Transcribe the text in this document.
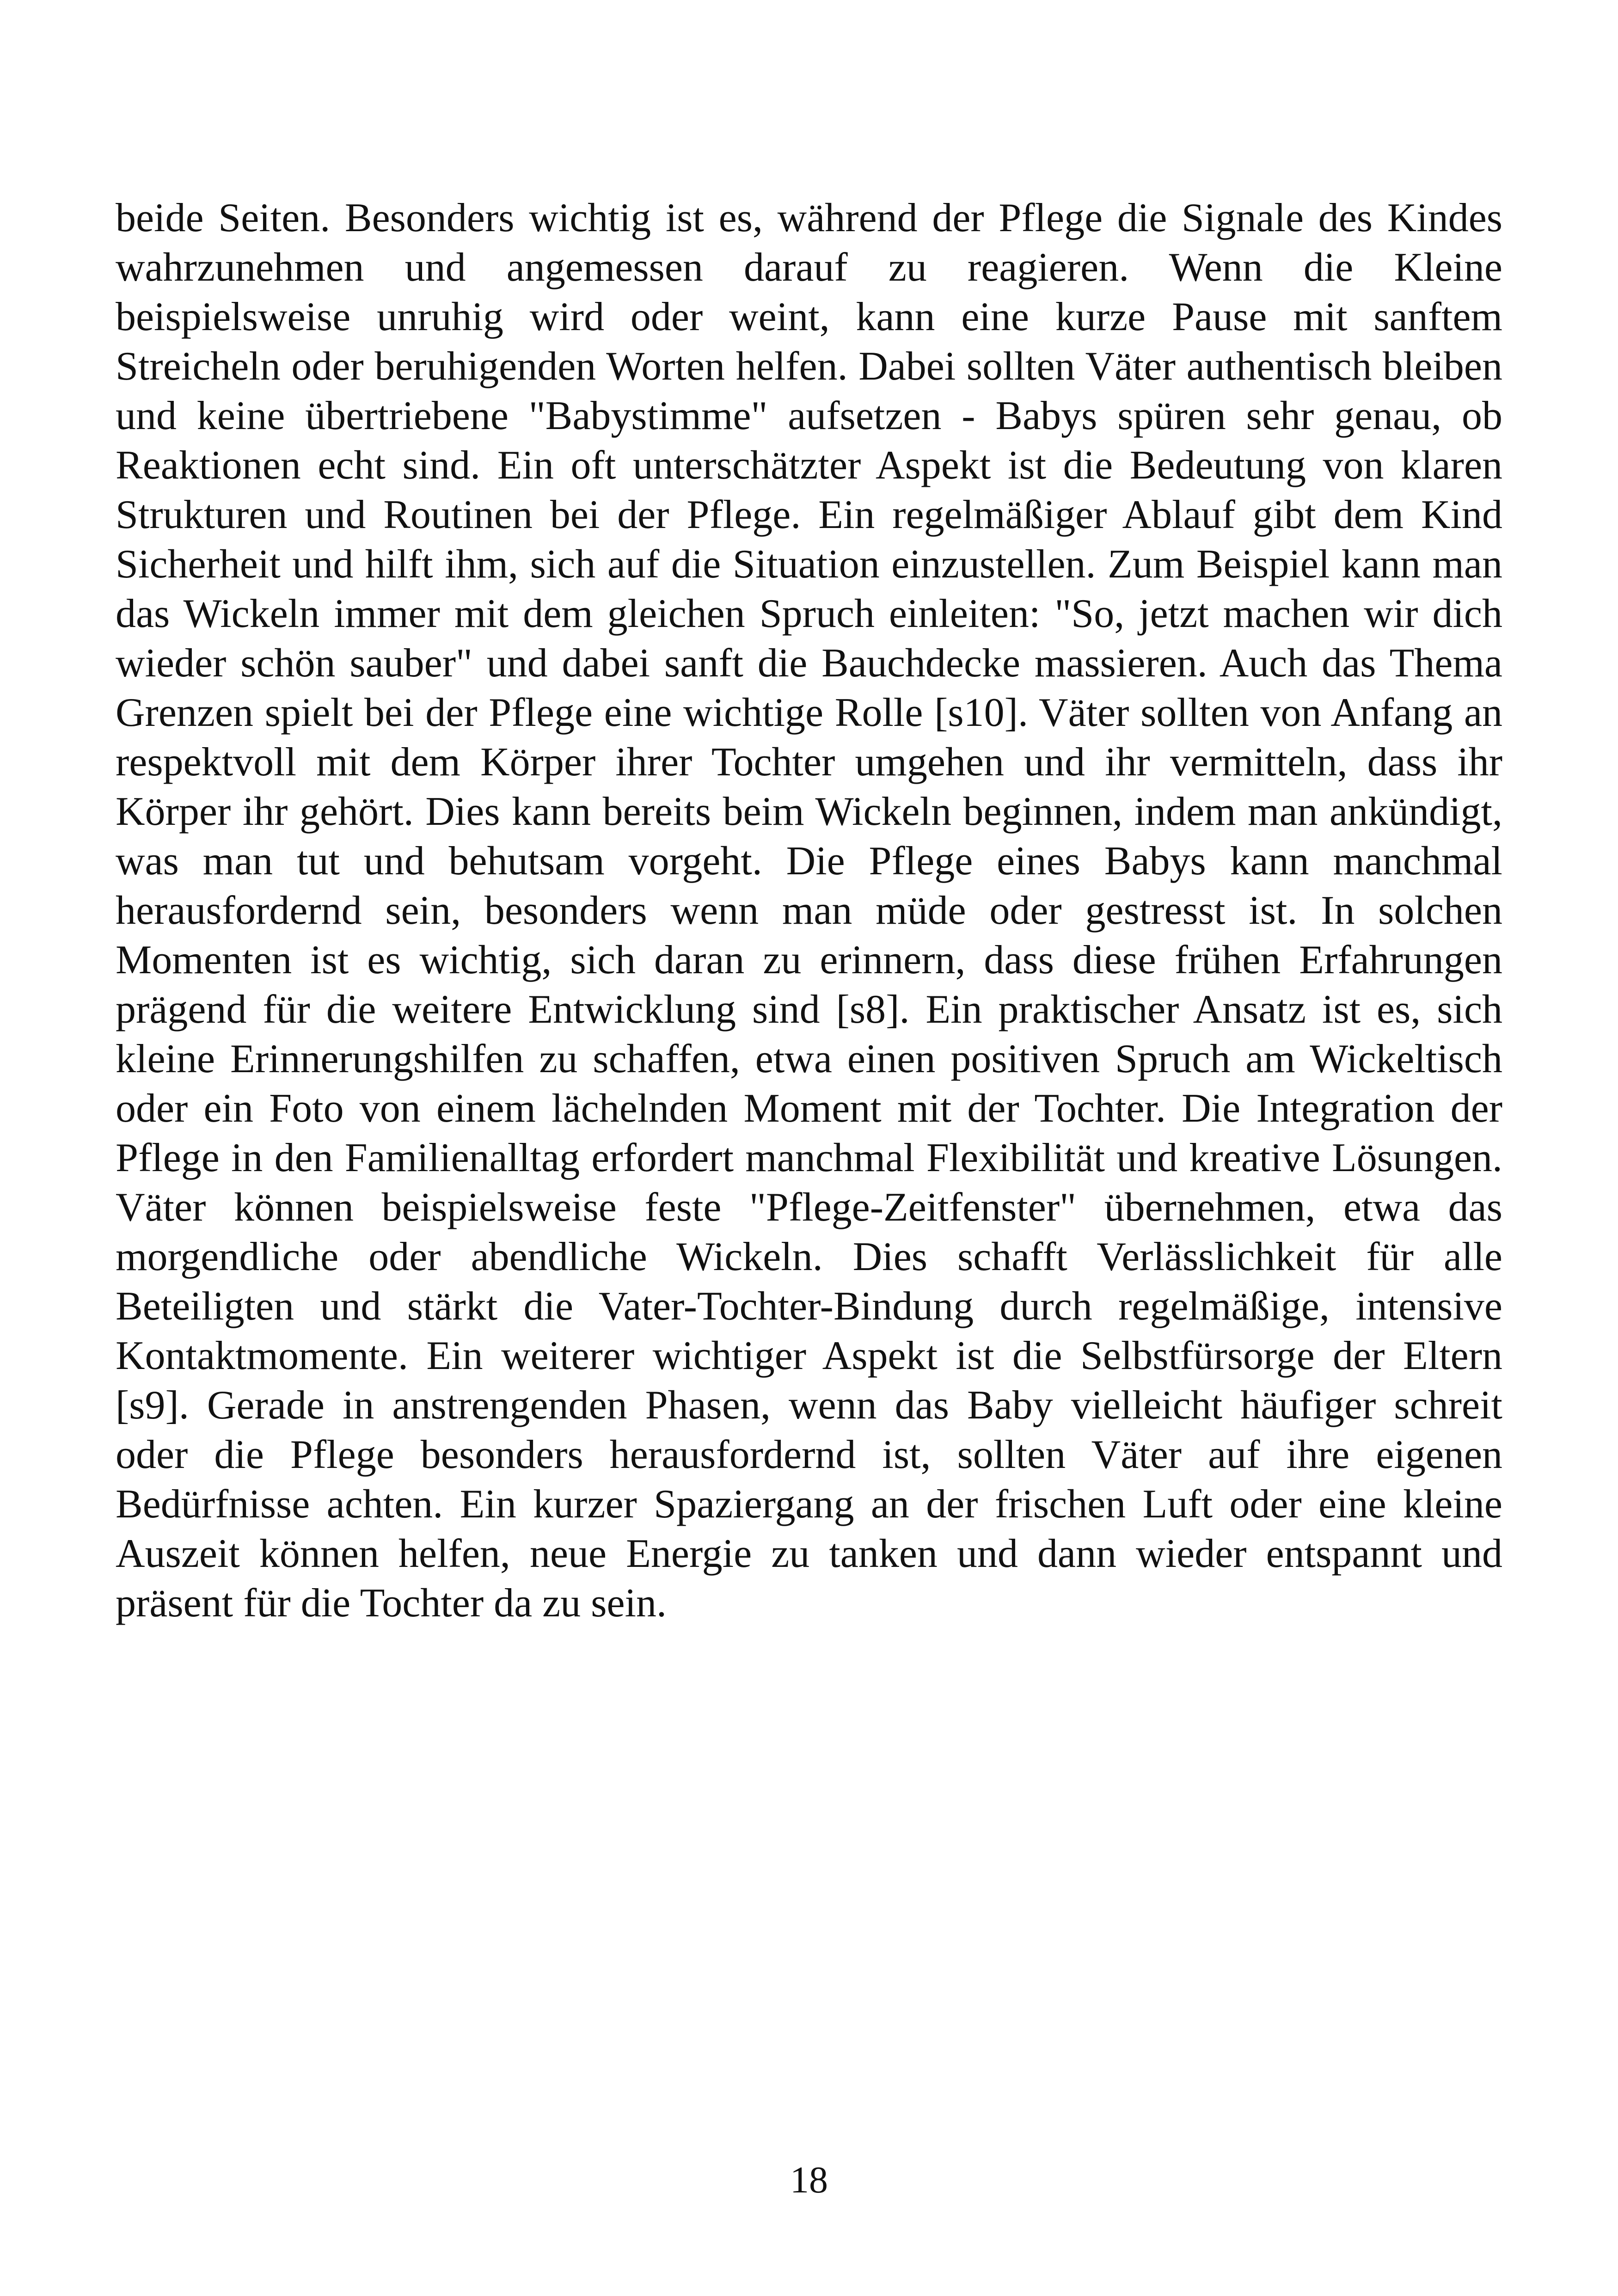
beide Seiten. Besonders wichtig ist es, während der Pflege die Signale des Kindes wahrzunehmen und angemessen darauf zu reagieren. Wenn die Kleine beispielsweise unruhig wird oder weint, kann eine kurze Pause mit sanftem Streicheln oder beruhigenden Worten helfen. Dabei sollten Väter authentisch bleiben und keine übertriebene "Babystimme" aufsetzen - Babys spüren sehr genau, ob Reaktionen echt sind. Ein oft unterschätzter Aspekt ist die Bedeutung von klaren Strukturen und Routinen bei der Pflege. Ein regelmäßiger Ablauf gibt dem Kind Sicherheit und hilft ihm, sich auf die Situation einzustellen. Zum Beispiel kann man das Wickeln immer mit dem gleichen Spruch einleiten: "So, jetzt machen wir dich wieder schön sauber" und dabei sanft die Bauchdecke massieren. Auch das Thema Grenzen spielt bei der Pflege eine wichtige Rolle [s10]. Väter sollten von Anfang an respektvoll mit dem Körper ihrer Tochter umgehen und ihr vermitteln, dass ihr Körper ihr gehört. Dies kann bereits beim Wickeln beginnen, indem man ankündigt, was man tut und behutsam vorgeht. Die Pflege eines Babys kann manchmal herausfordernd sein, besonders wenn man müde oder gestresst ist. In solchen Momenten ist es wichtig, sich daran zu erinnern, dass diese frühen Erfahrungen prägend für die weitere Entwicklung sind [s8]. Ein praktischer Ansatz ist es, sich kleine Erinnerungshilfen zu schaffen, etwa einen positiven Spruch am Wickeltisch oder ein Foto von einem lächelnden Moment mit der Tochter. Die Integration der Pflege in den Familienalltag erfordert manchmal Flexibilität und kreative Lösungen. Väter können beispielsweise feste "Pflege-Zeitfenster" übernehmen, etwa das morgendliche oder abendliche Wickeln. Dies schafft Verlässlichkeit für alle Beteiligten und stärkt die Vater-Tochter-Bindung durch regelmäßige, intensive Kontaktmomente. Ein weiterer wichtiger Aspekt ist die Selbstfürsorge der Eltern [s9]. Gerade in anstrengenden Phasen, wenn das Baby vielleicht häufiger schreit oder die Pflege besonders herausfordernd ist, sollten Väter auf ihre eigenen Bedürfnisse achten. Ein kurzer Spaziergang an der frischen Luft oder eine kleine Auszeit können helfen, neue Energie zu tanken und dann wieder entspannt und präsent für die Tochter da zu sein.

18
